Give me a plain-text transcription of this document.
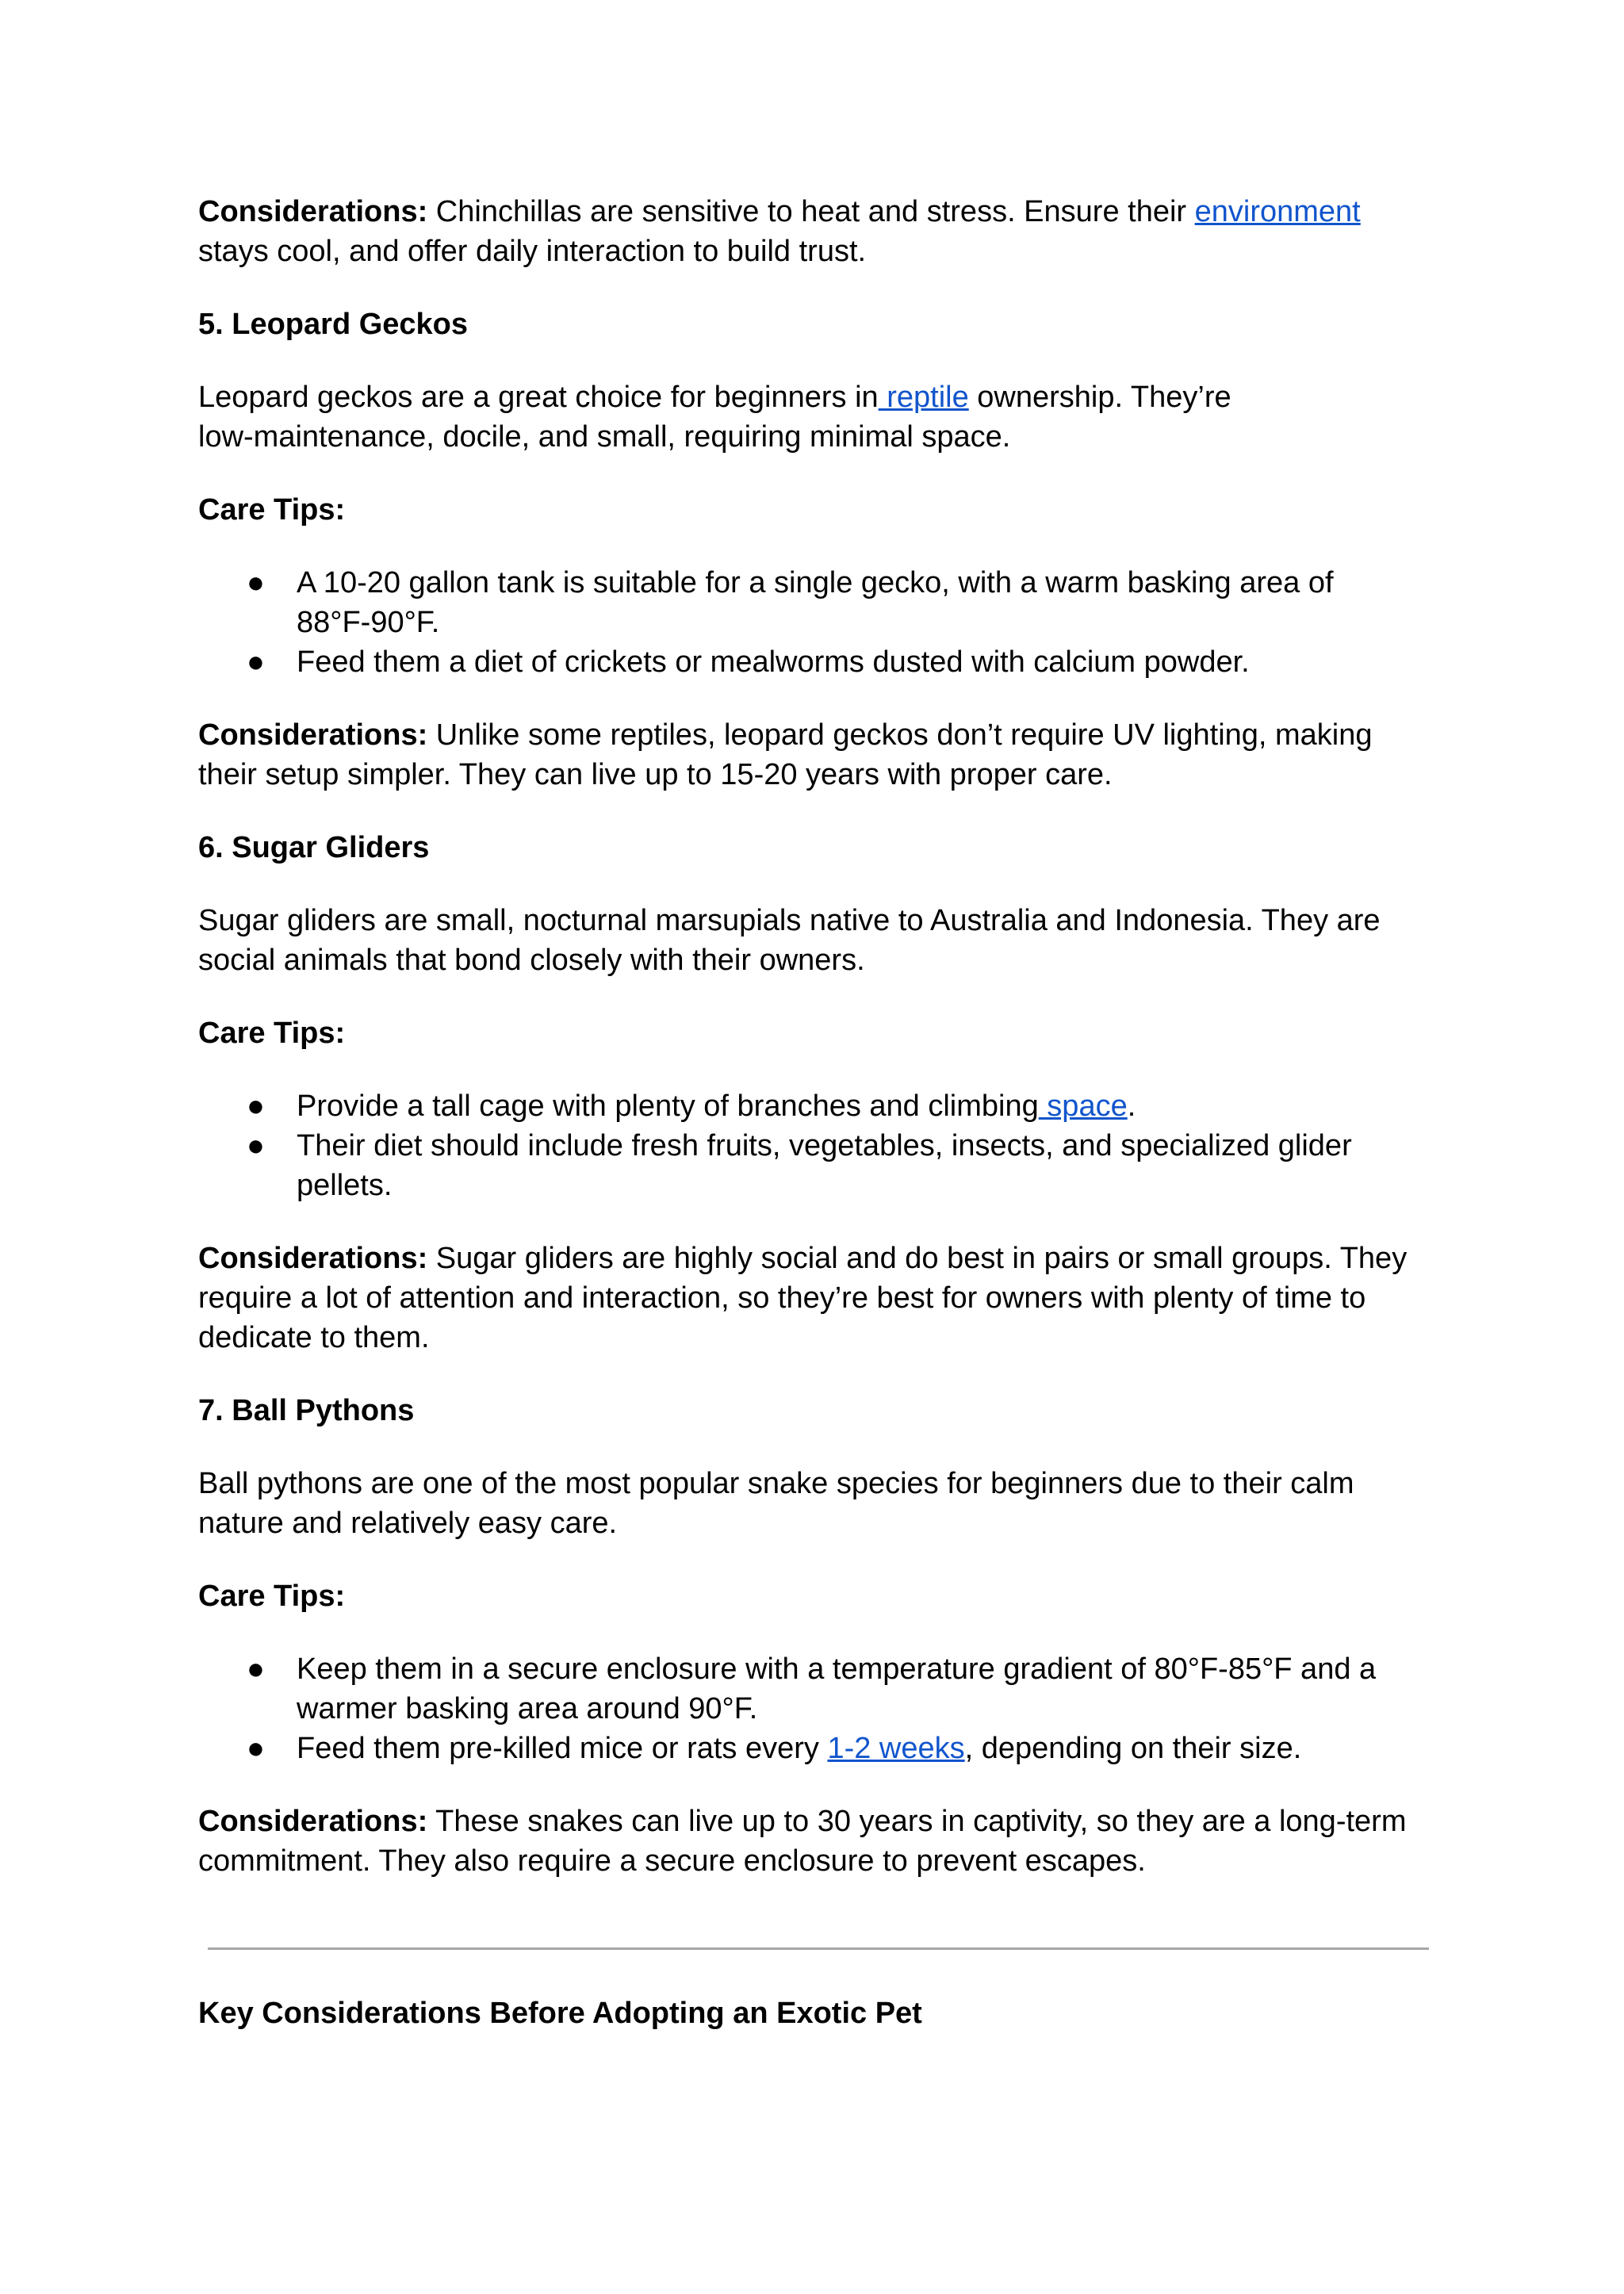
Considerations: Chinchillas are sensitive to heat and stress. Ensure their environment
stays cool, and offer daily interaction to build trust.

5. Leopard Geckos

Leopard geckos are a great choice for beginners in reptile ownership. They’re
low-maintenance, docile, and small, requiring minimal space.

Care Tips:

● A 10-20 gallon tank is suitable for a single gecko, with a warm basking area of
88°F-90°F.
● Feed them a diet of crickets or mealworms dusted with calcium powder.

Considerations: Unlike some reptiles, leopard geckos don’t require UV lighting, making
their setup simpler. They can live up to 15-20 years with proper care.

6. Sugar Gliders

Sugar gliders are small, nocturnal marsupials native to Australia and Indonesia. They are
social animals that bond closely with their owners.

Care Tips:

● Provide a tall cage with plenty of branches and climbing space.
● Their diet should include fresh fruits, vegetables, insects, and specialized glider
pellets.

Considerations: Sugar gliders are highly social and do best in pairs or small groups. They
require a lot of attention and interaction, so they’re best for owners with plenty of time to
dedicate to them.

7. Ball Pythons

Ball pythons are one of the most popular snake species for beginners due to their calm
nature and relatively easy care.

Care Tips:

● Keep them in a secure enclosure with a temperature gradient of 80°F-85°F and a
warmer basking area around 90°F.
● Feed them pre-killed mice or rats every 1-2 weeks, depending on their size.

Considerations: These snakes can live up to 30 years in captivity, so they are a long-term
commitment. They also require a secure enclosure to prevent escapes.

Key Considerations Before Adopting an Exotic Pet
